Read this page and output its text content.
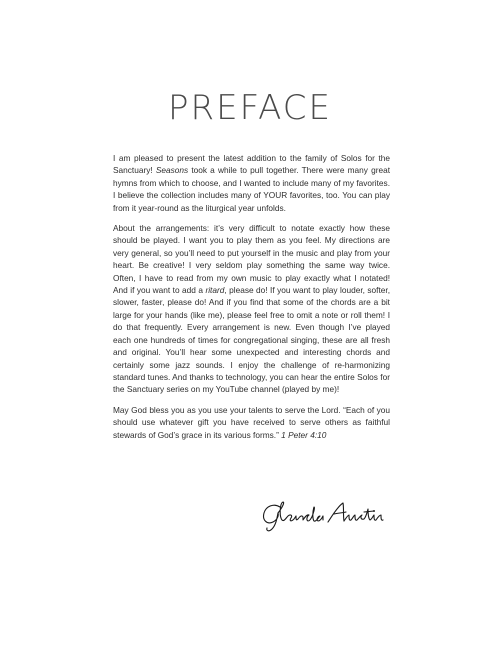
PREFACE

I am pleased to present the latest addition to the family of Solos for the Sanctuary! Seasons took a while to pull together. There were many great hymns from which to choose, and I wanted to include many of my favorites. I believe the collection includes many of YOUR favorites, too. You can play from it year-round as the liturgical year unfolds.

About the arrangements: it’s very difficult to notate exactly how these should be played. I want you to play them as you feel. My directions are very general, so you’ll need to put yourself in the music and play from your heart. Be creative! I very seldom play something the same way twice. Often, I have to read from my own music to play exactly what I notated! And if you want to add a ritard, please do! If you want to play louder, softer, slower, faster, please do! And if you find that some of the chords are a bit large for your hands (like me), please feel free to omit a note or roll them! I do that frequently. Every arrangement is new. Even though I’ve played each one hundreds of times for congregational singing, these are all fresh and original. You’ll hear some unexpected and interesting chords and certainly some jazz sounds. I enjoy the challenge of re-harmonizing standard tunes. And thanks to technology, you can hear the entire Solos for the Sanctuary series on my YouTube channel (played by me)!

May God bless you as you use your talents to serve the Lord. “Each of you should use whatever gift you have received to serve others as faithful stewards of God’s grace in its various forms.” 1 Peter 4:10
